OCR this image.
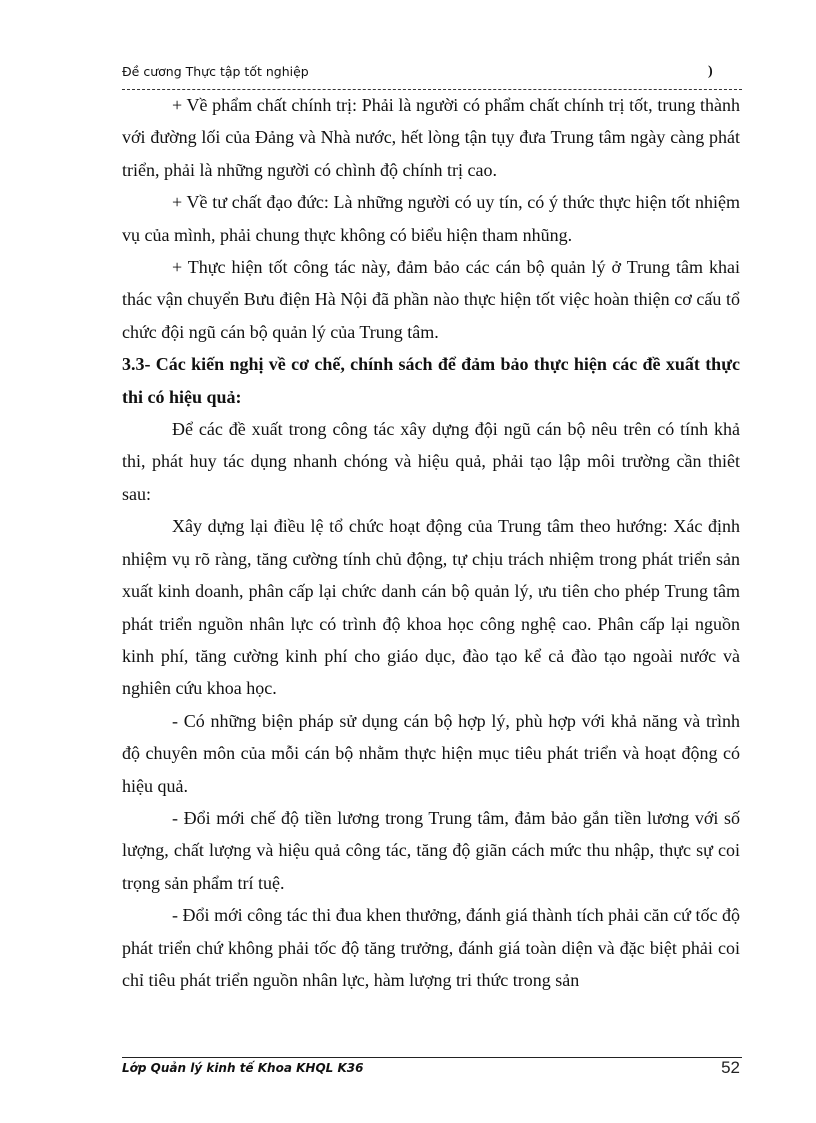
Đề cương Thực tập tốt nghiệp	)

+ Về phẩm chất chính trị: Phải là người có phẩm chất chính trị tốt, trung thành với đường lối của Đảng và Nhà nước, hết lòng tận tụy đưa Trung tâm ngày càng phát triển, phải là những người có chình độ chính trị cao.

+ Về tư chất đạo đức: Là những người có uy tín, có ý thức thực hiện tốt nhiệm vụ của mình, phải chung thực không có biểu hiện tham nhũng.

+ Thực hiện tốt công tác này, đảm bảo các cán bộ quản lý ở Trung tâm khai thác vận chuyển Bưu điện Hà Nội đã phần nào thực hiện tốt việc hoàn thiện cơ cấu tổ chức đội ngũ cán bộ quản lý của Trung tâm.

3.3- Các kiến nghị về cơ chế, chính sách để đảm bảo thực hiện các đề xuất thực thi có hiệu quả:

Để các đề xuất trong công tác xây dựng đội ngũ cán bộ nêu trên có tính khả thi, phát huy tác dụng nhanh chóng và hiệu quả, phải tạo lập môi trường cần thiêt sau:

Xây dựng lại điều lệ tổ chức hoạt động của Trung tâm theo hướng: Xác định nhiệm vụ rõ ràng, tăng cường tính chủ động, tự chịu trách nhiệm trong phát triển sản xuất kinh doanh, phân cấp lại chức danh cán bộ quản lý, ưu tiên cho phép Trung tâm phát triển nguồn nhân lực có trình độ khoa học công nghệ cao. Phân cấp lại nguồn kinh phí, tăng cường kinh phí cho giáo dục, đào tạo kể cả đào tạo ngoài nước và nghiên cứu khoa học.

- Có những biện pháp sử dụng cán bộ hợp lý, phù hợp với khả năng và trình độ chuyên môn của mỗi cán bộ nhằm thực hiện mục tiêu phát triển và hoạt động có hiệu quả.

- Đổi mới chế độ tiền lương trong Trung tâm, đảm bảo gắn tiền lương với số lượng, chất lượng và hiệu quả công tác, tăng độ giãn cách mức thu nhập, thực sự coi trọng sản phẩm trí tuệ.

- Đổi mới công tác thi đua khen thưởng, đánh giá thành tích phải căn cứ tốc độ phát triển chứ không phải tốc độ tăng trưởng, đánh giá toàn diện và đặc biệt phải coi chỉ tiêu phát triển nguồn nhân lực, hàm lượng tri thức trong sản

Lớp Quản lý kinh tế Khoa KHQL K36	52
